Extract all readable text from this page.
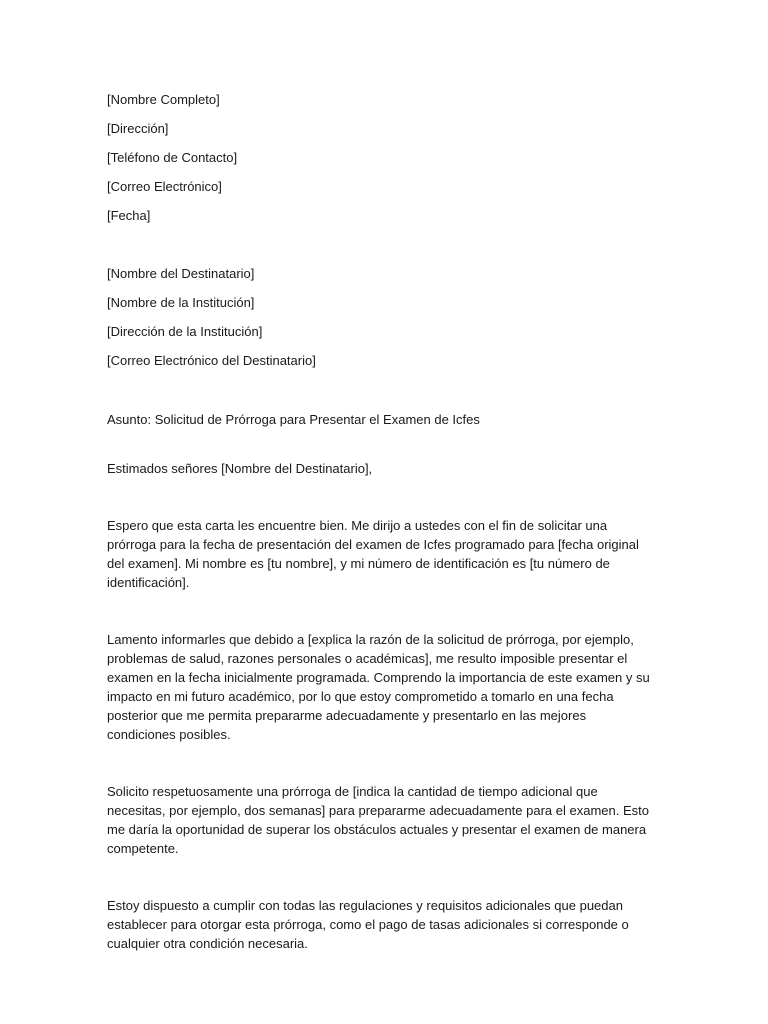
[Nombre Completo]

[Dirección]

[Teléfono de Contacto]

[Correo Electrónico]

[Fecha]

[Nombre del Destinatario]

[Nombre de la Institución]

[Dirección de la Institución]

[Correo Electrónico del Destinatario]

Asunto: Solicitud de Prórroga para Presentar el Examen de Icfes

Estimados señores [Nombre del Destinatario],

Espero que esta carta les encuentre bien. Me dirijo a ustedes con el fin de solicitar una prórroga para la fecha de presentación del examen de Icfes programado para [fecha original del examen]. Mi nombre es [tu nombre], y mi número de identificación es [tu número de identificación].

Lamento informarles que debido a [explica la razón de la solicitud de prórroga, por ejemplo, problemas de salud, razones personales o académicas], me resulto imposible presentar el examen en la fecha inicialmente programada. Comprendo la importancia de este examen y su impacto en mi futuro académico, por lo que estoy comprometido a tomarlo en una fecha posterior que me permita prepararme adecuadamente y presentarlo en las mejores condiciones posibles.

Solicito respetuosamente una prórroga de [indica la cantidad de tiempo adicional que necesitas, por ejemplo, dos semanas] para prepararme adecuadamente para el examen. Esto me daría la oportunidad de superar los obstáculos actuales y presentar el examen de manera competente.

Estoy dispuesto a cumplir con todas las regulaciones y requisitos adicionales que puedan establecer para otorgar esta prórroga, como el pago de tasas adicionales si corresponde o cualquier otra condición necesaria.
